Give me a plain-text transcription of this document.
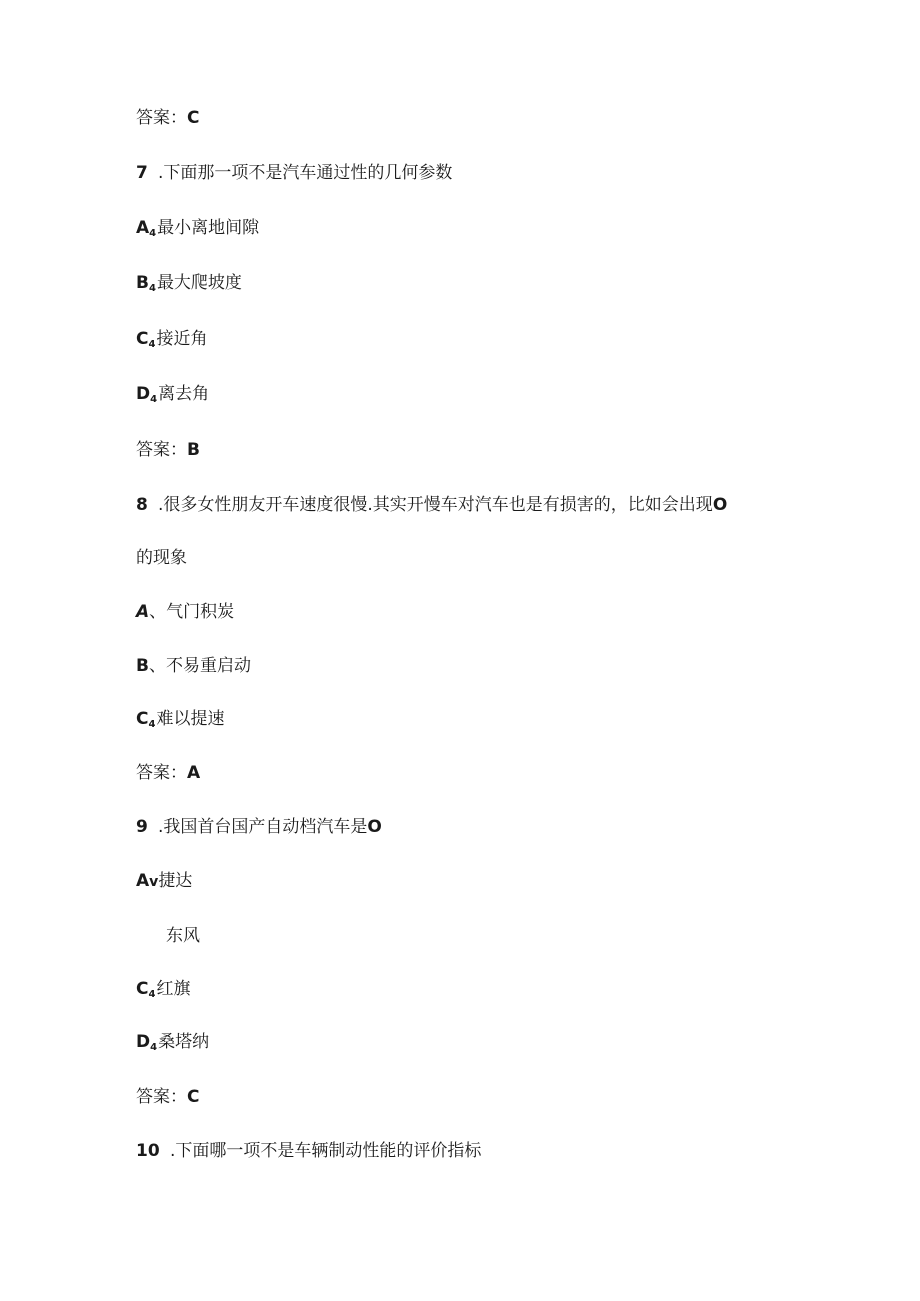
答案：C
7 .下面那一项不是汽车通过性的几何参数
$A_4$最小离地间隙
$B_4$最大爬坡度
$C_4$接近角
$D_4$离去角
答案：B
8 .很多女性朋友开车速度很慢.其实开慢车对汽车也是有损害的，比如会出现O
的现象
A、气门积炭
B、不易重启动
$C_4$难以提速
答案：A
9 .我国首台国产自动档汽车是O
Av捷达
东风
$C_4$红旗
$D_4$桑塔纳
答案：C
10 .下面哪一项不是车辆制动性能的评价指标
